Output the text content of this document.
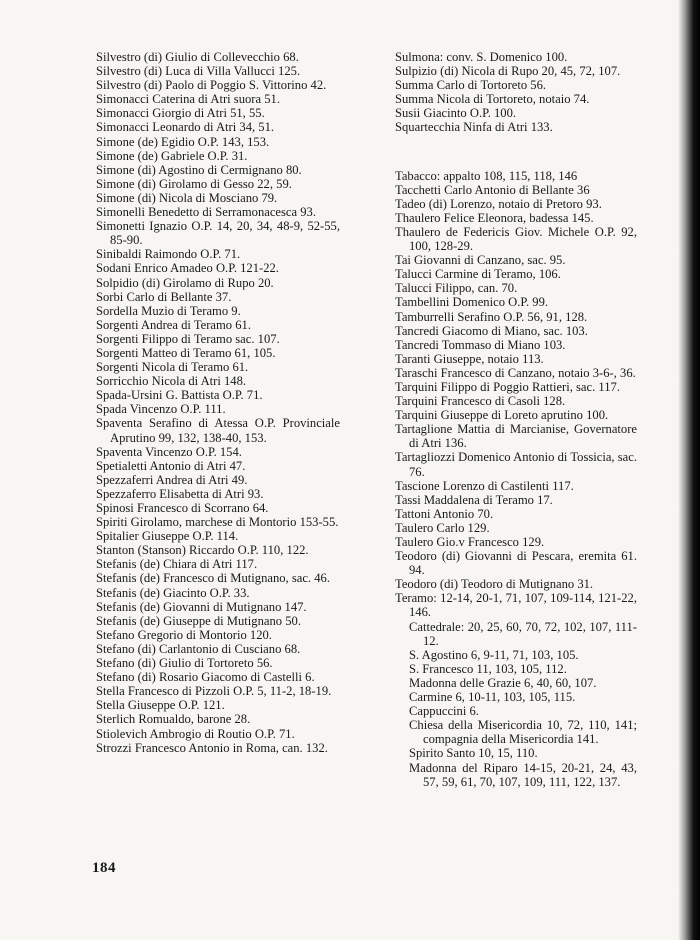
Silvestro (di) Giulio di Collevecchio 68.

Silvestro (di) Luca di Villa Vallucci 125.

Silvestro (di) Paolo di Poggio S. Vittorino 42.

Simonacci Caterina di Atri suora 51.

Simonacci Giorgio di Atri 51, 55.

Simonacci Leonardo di Atri 34, 51.

Simone (de) Egidio O.P. 143, 153.

Simone (de) Gabriele O.P. 31.

Simone (di) Agostino di Cermignano 80.

Simone (di) Girolamo di Gesso 22, 59.

Simone (di) Nicola di Mosciano 79.

Simonelli Benedetto di Serramonacesca 93.

Simonetti Ignazio O.P. 14, 20, 34, 48-9, 52-55, 85-90.

Sinibaldi Raimondo O.P. 71.

Sodani Enrico Amadeo O.P. 121-22.

Solpidio (di) Girolamo di Rupo 20.

Sorbi Carlo di Bellante 37.

Sordella Muzio di Teramo 9.

Sorgenti Andrea di Teramo 61.

Sorgenti Filippo di Teramo sac. 107.

Sorgenti Matteo di Teramo 61, 105.

Sorgenti Nicola di Teramo 61.

Sorricchio Nicola di Atri 148.

Spada-Ursini G. Battista O.P. 71.

Spada Vincenzo O.P. 111.

Spaventa Serafino di Atessa O.P. Provinciale Aprutino 99, 132, 138-40, 153.

Spaventa Vincenzo O.P. 154.

Spetialetti Antonio di Atri 47.

Spezzaferri Andrea di Atri 49.

Spezzaferro Elisabetta di Atri 93.

Spinosi Francesco di Scorrano 64.

Spiriti Girolamo, marchese di Montorio 153-55.

Spitalier Giuseppe O.P. 114.

Stanton (Stanson) Riccardo O.P. 110, 122.

Stefanis (de) Chiara di Atri 117.

Stefanis (de) Francesco di Mutignano, sac. 46.

Stefanis (de) Giacinto O.P. 33.

Stefanis (de) Giovanni di Mutignano 147.

Stefanis (de) Giuseppe di Mutignano 50.

Stefano Gregorio di Montorio 120.

Stefano (di) Carlantonio di Cusciano 68.

Stefano (di) Giulio di Tortoreto 56.

Stefano (di) Rosario Giacomo di Castelli 6.

Stella Francesco di Pizzoli O.P. 5, 11-2, 18-19.

Stella Giuseppe O.P. 121.

Sterlich Romualdo, barone 28.

Stiolevich Ambrogio di Routio O.P. 71.

Strozzi Francesco Antonio in Roma, can. 132.

Sulmona: conv. S. Domenico 100.

Sulpizio (di) Nicola di Rupo 20, 45, 72, 107.

Summa Carlo di Tortoreto 56.

Summa Nicola di Tortoreto, notaio 74.

Susii Giacinto O.P. 100.

Squartecchia Ninfa di Atri 133.

Tabacco: appalto 108, 115, 118, 146

Tacchetti Carlo Antonio di Bellante 36

Tadeo (di) Lorenzo, notaio di Pretoro 93.

Thaulero Felice Eleonora, badessa 145.

Thaulero de Federicis Giov. Michele O.P. 92, 100, 128-29.

Tai Giovanni di Canzano, sac. 95.

Talucci Carmine di Teramo, 106.

Talucci Filippo, can. 70.

Tambellini Domenico O.P. 99.

Tamburrelli Serafino O.P. 56, 91, 128.

Tancredi Giacomo di Miano, sac. 103.

Tancredi Tommaso di Miano 103.

Taranti Giuseppe, notaio 113.

Taraschi Francesco di Canzano, notaio 3-6-, 36.

Tarquini Filippo di Poggio Rattieri, sac. 117.

Tarquini Francesco di Casoli 128.

Tarquini Giuseppe di Loreto aprutino 100.

Tartaglione Mattia di Marcianise, Governatore di Atri 136.

Tartagliozzi Domenico Antonio di Tossicia, sac. 76.

Tascione Lorenzo di Castilenti 117.

Tassi Maddalena di Teramo 17.

Tattoni Antonio 70.

Taulero Carlo 129.

Taulero Gio.v Francesco 129.

Teodoro (di) Giovanni di Pescara, eremita 61. 94.

Teodoro (di) Teodoro di Mutignano 31.

Teramo: 12-14, 20-1, 71, 107, 109-114, 121-22, 146.

Cattedrale: 20, 25, 60, 70, 72, 102, 107, 111-12.

S. Agostino 6, 9-11, 71, 103, 105.

S. Francesco 11, 103, 105, 112.

Madonna delle Grazie 6, 40, 60, 107.

Carmine 6, 10-11, 103, 105, 115.

Cappuccini 6.

Chiesa della Misericordia 10, 72, 110, 141; compagnia della Misericordia 141.

Spirito Santo 10, 15, 110.

Madonna del Riparo 14-15, 20-21, 24, 43, 57, 59, 61, 70, 107, 109, 111, 122, 137.

184
